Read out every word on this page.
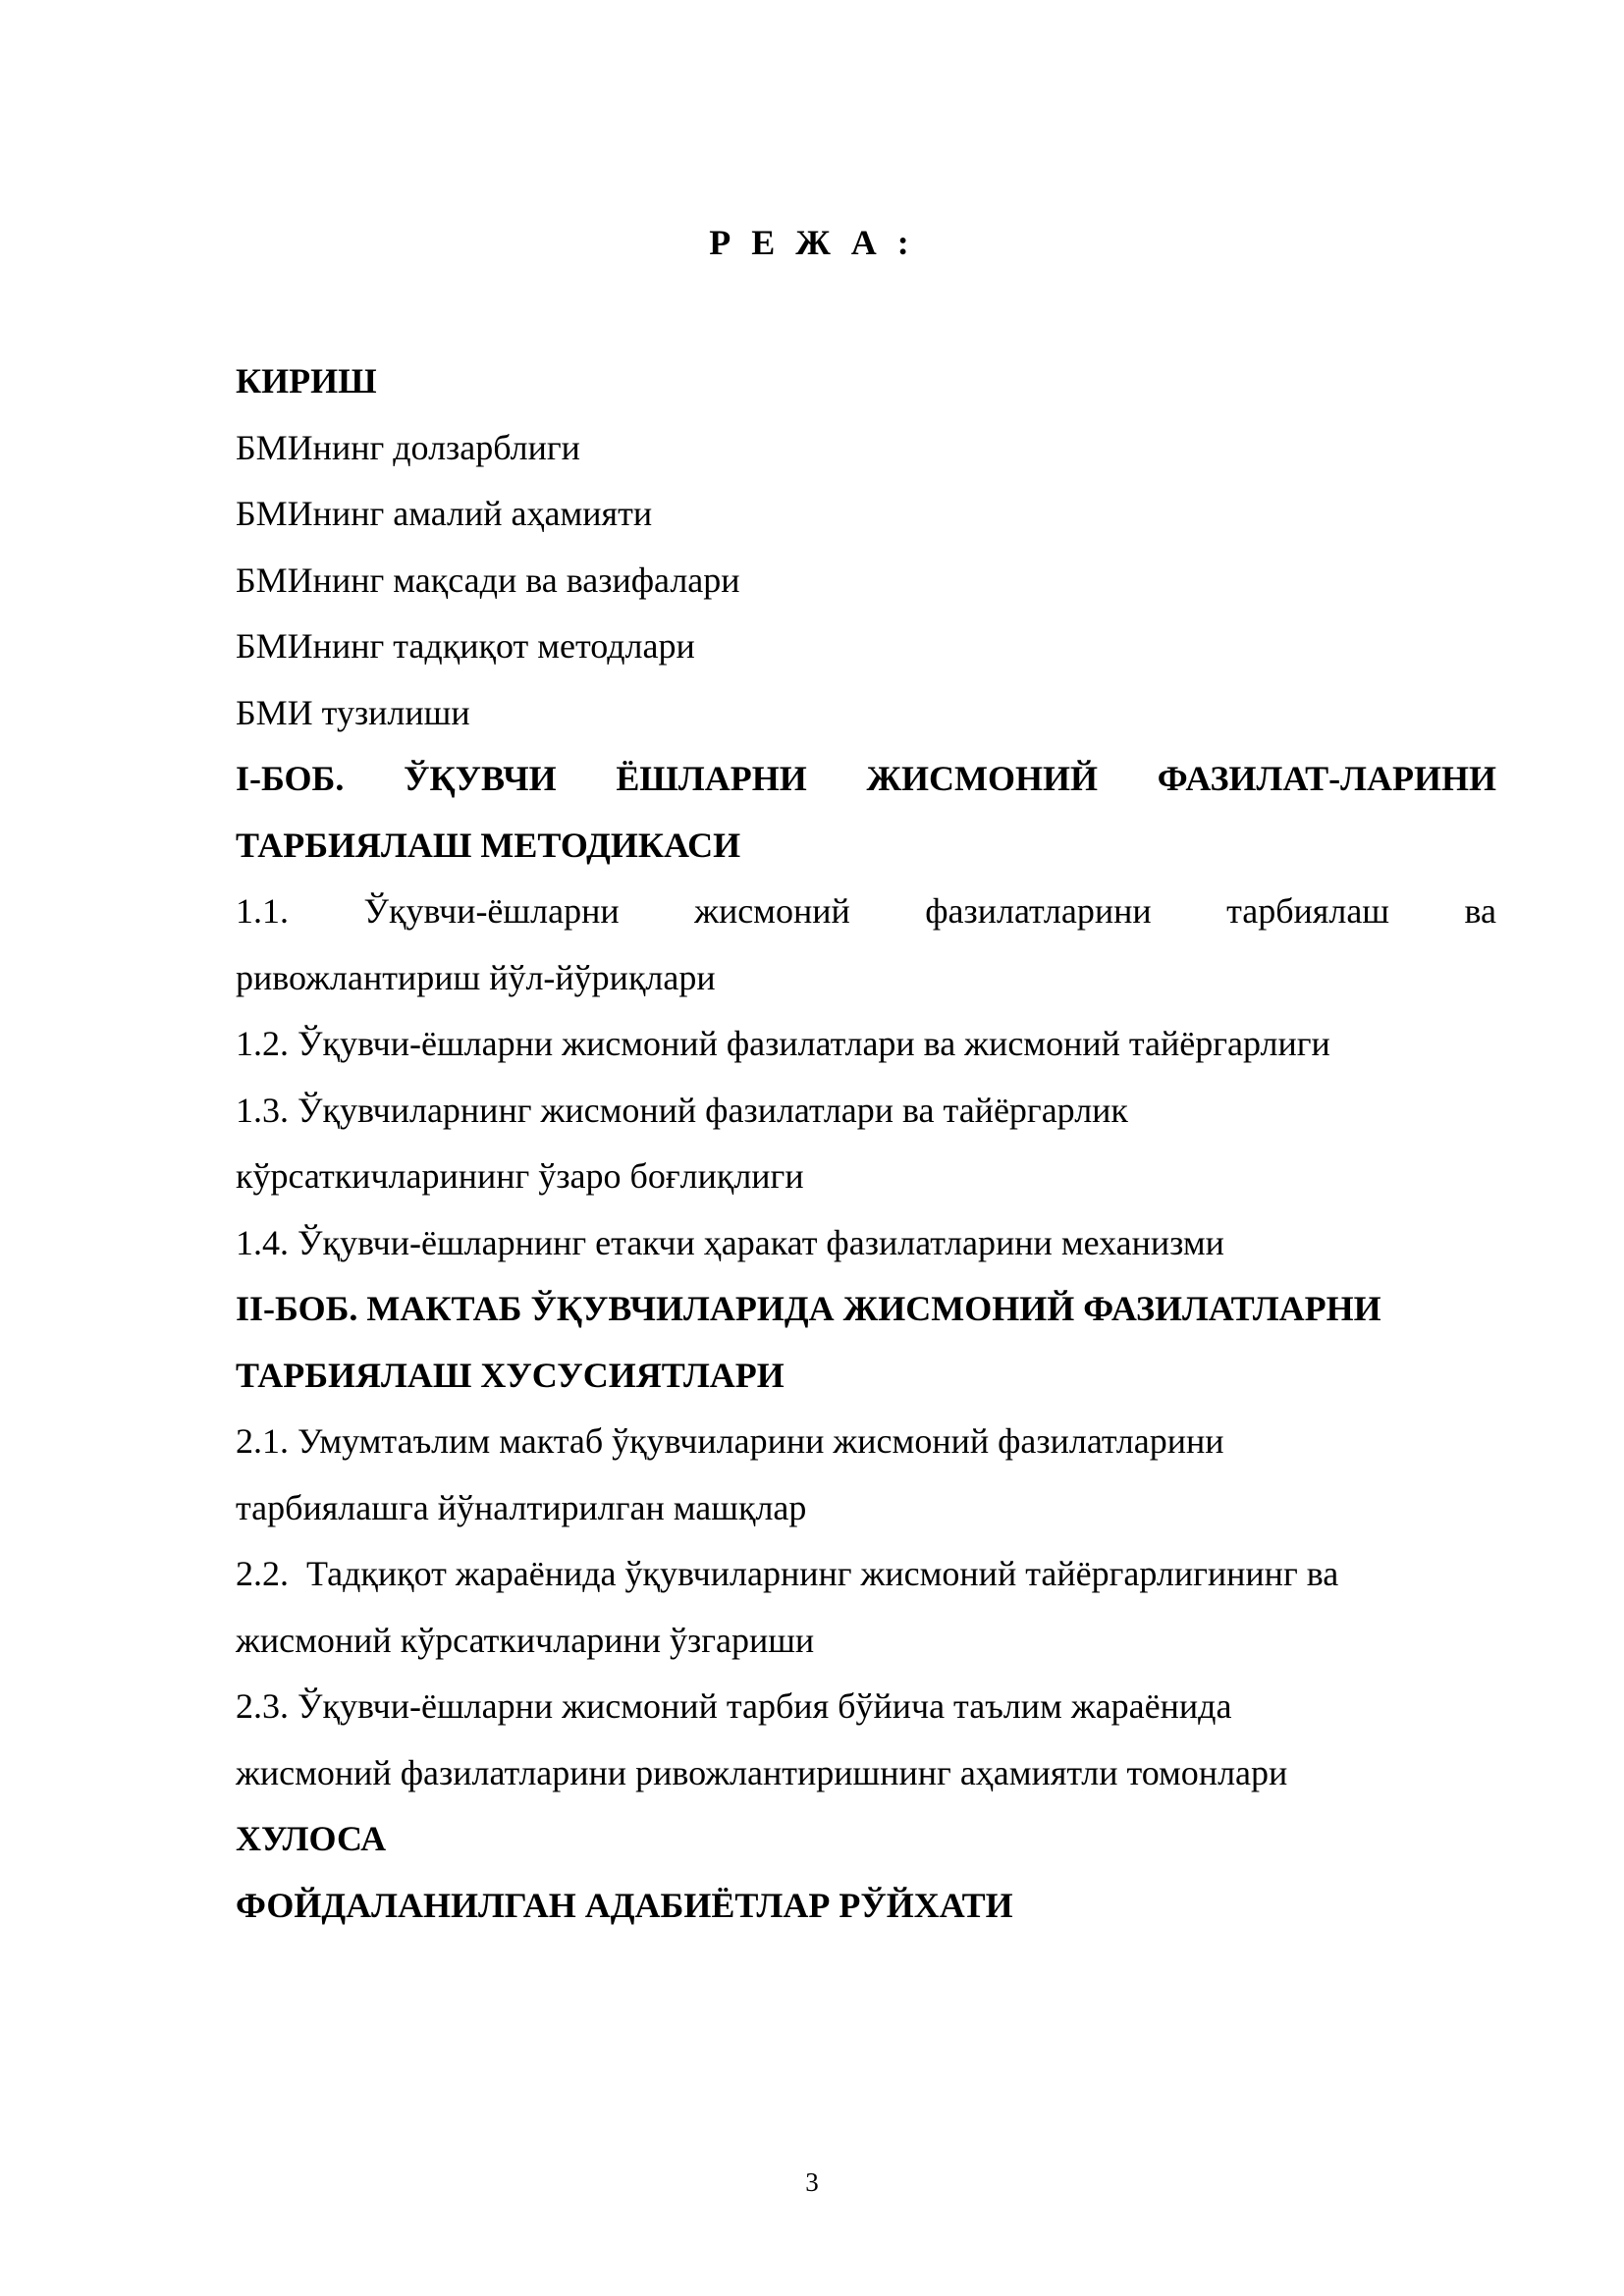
Р Е Ж А :
КИРИШ
БМИнинг долзарблиги
БМИнинг амалий аҳамияти
БМИнинг мақсади ва вазифалари
БМИнинг тадқиқот методлари
БМИ тузилиши
I-БОБ. ЎҚУВЧИ ЁШЛАРНИ ЖИСМОНИЙ ФАЗИЛАТ-ЛАРИНИ
ТАРБИЯЛАШ МЕТОДИКАСИ
1.1. Ўқувчи-ёшларни жисмоний фазилатларини тарбиялаш ва
ривожлантириш йўл-йўриқлари
1.2. Ўқувчи-ёшларни жисмоний фазилатлари ва жисмоний тайёргарлиги
1.3. Ўқувчиларнинг жисмоний фазилатлари ва тайёргарлик
кўрсаткичларининг ўзаро боғлиқлиги
1.4. Ўқувчи-ёшларнинг етакчи ҳаракат фазилатларини механизми
II-БОБ. МАКТАБ ЎҚУВЧИЛАРИДА ЖИСМОНИЙ ФАЗИЛАТЛАРНИ
ТАРБИЯЛАШ ХУСУСИЯТЛАРИ
2.1. Умумтаълим мактаб ўқувчиларини жисмоний фазилатларини
тарбиялашга йўналтирилган машқлар
2.2.  Тадқиқот жараёнида ўқувчиларнинг жисмоний тайёргарлигининг ва
жисмоний кўрсаткичларини ўзгариши
2.3. Ўқувчи-ёшларни жисмоний тарбия бўйича таълим жараёнида
жисмоний фазилатларини ривожлантиришнинг аҳамиятли томонлари
ХУЛОСА
ФОЙДАЛАНИЛГАН АДАБИЁТЛАР РЎЙХАТИ
3
